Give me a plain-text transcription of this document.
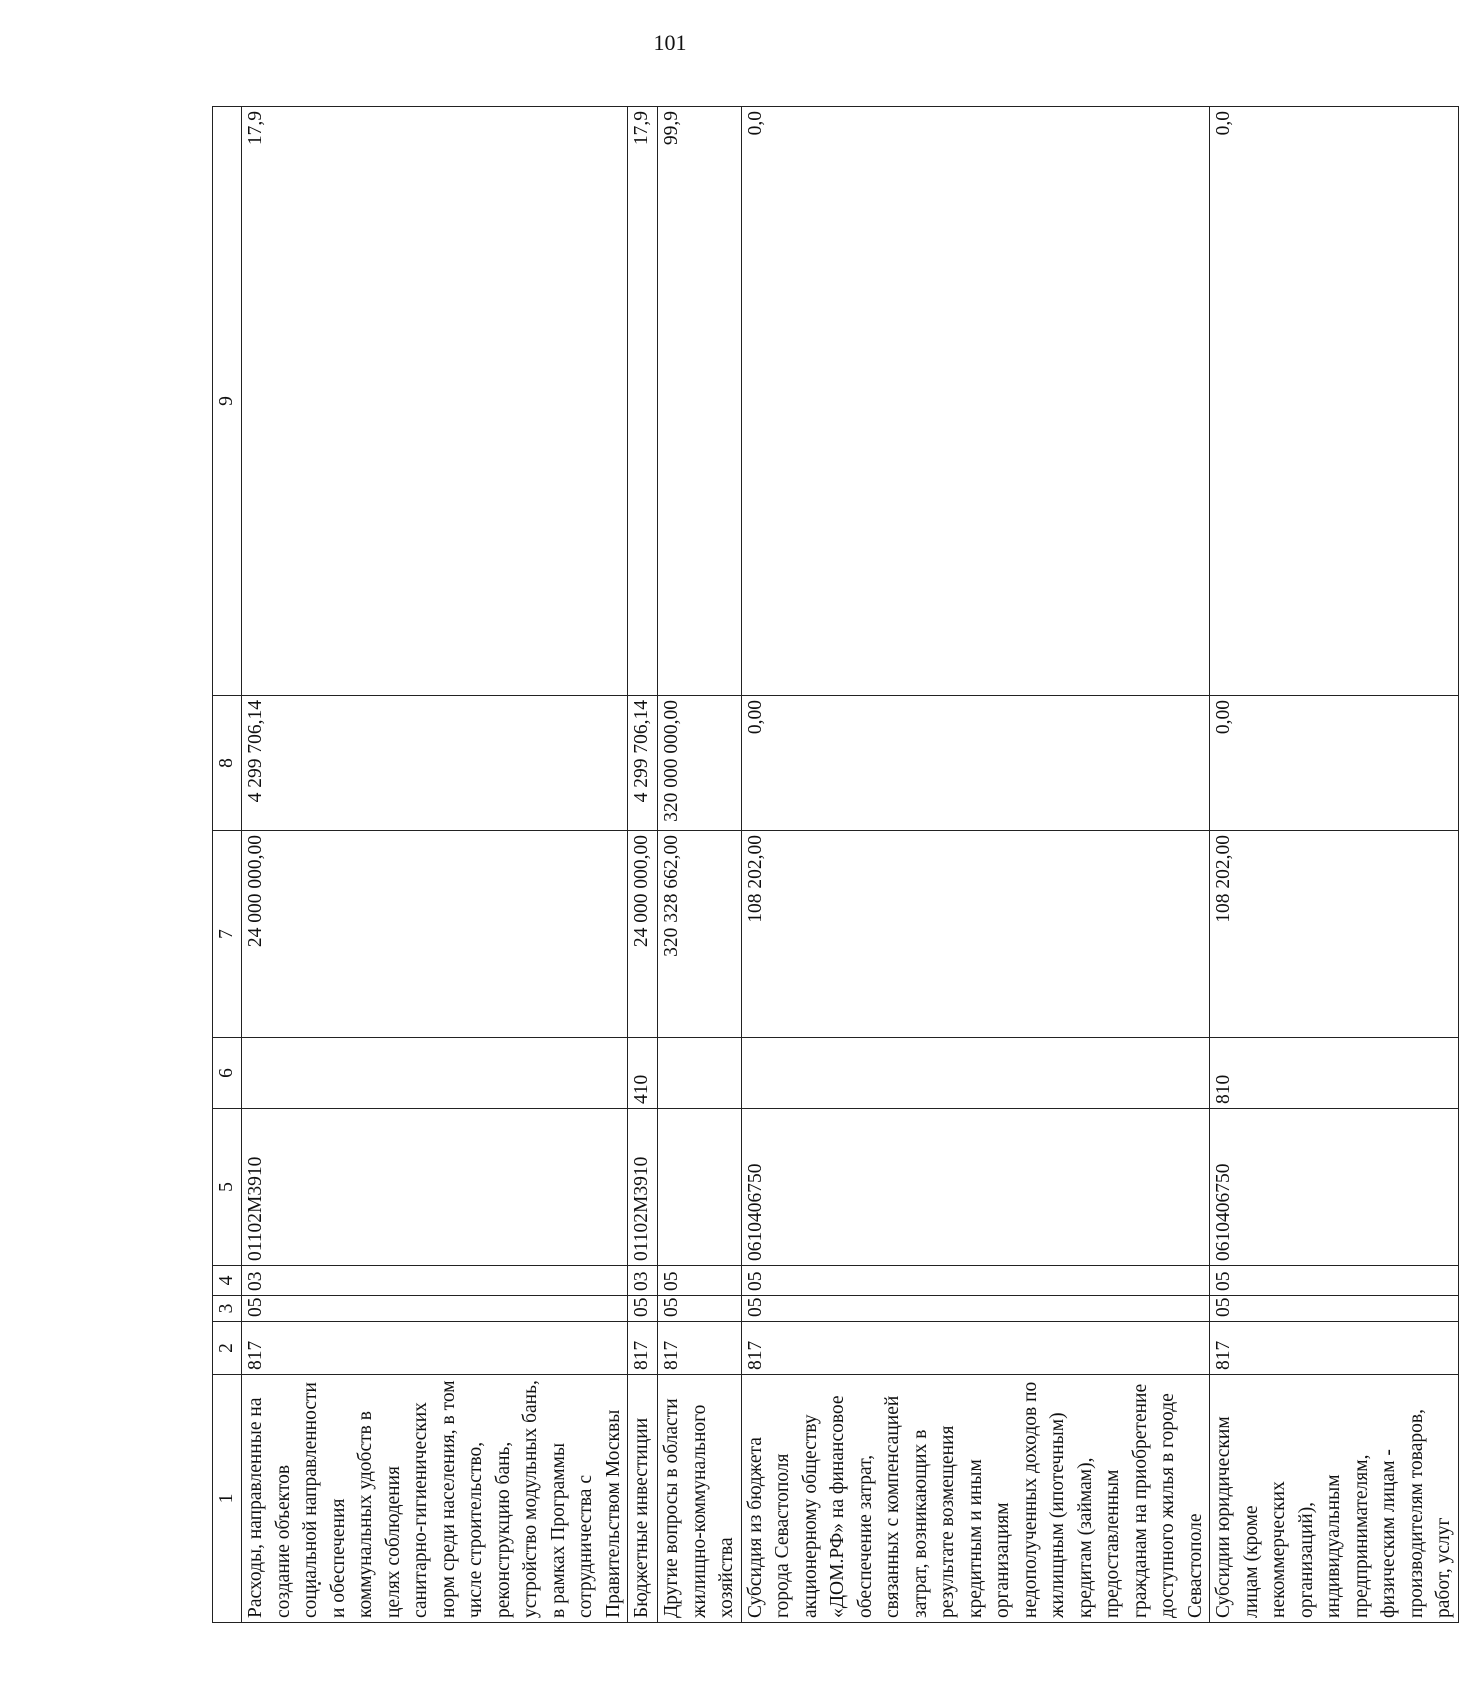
101
1	2	3	4	5	6	7	8	9
Расходы, направленные на создание объектов социальной направленности и обеспечения коммунальных удобств в целях соблюдения санитарно-гигиенических норм среди населения, в том числе строительство, реконструкцию бань, устройство модульных бань, в рамках Программы сотрудничества с Правительством Москвы	817	05	03	01102М3910		24 000 000,00	4 299 706,14	17,9
Бюджетные инвестиции	817	05	03	01102М3910	410	24 000 000,00	4 299 706,14	17,9
Другие вопросы в области жилищно-коммунального хозяйства	817	05	05			320 328 662,00	320 000 000,00	99,9
Субсидия из бюджета города Севастополя акционерному обществу «ДОМ.РФ» на финансовое обеспечение затрат, связанных с компенсацией затрат, возникающих в результате возмещения кредитным и иным организациям недополученных доходов по жилищным (ипотечным) кредитам (займам), предоставленным гражданам на приобретение доступного жилья в городе Севастополе	817	05	05	0610406750		108 202,00	0,00	0,0
Субсидии юридическим лицам (кроме некоммерческих организаций), индивидуальным предпринимателям, физическим лицам - производителям товаров, работ, услуг	817	05	05	0610406750	810	108 202,00	0,00	0,0
